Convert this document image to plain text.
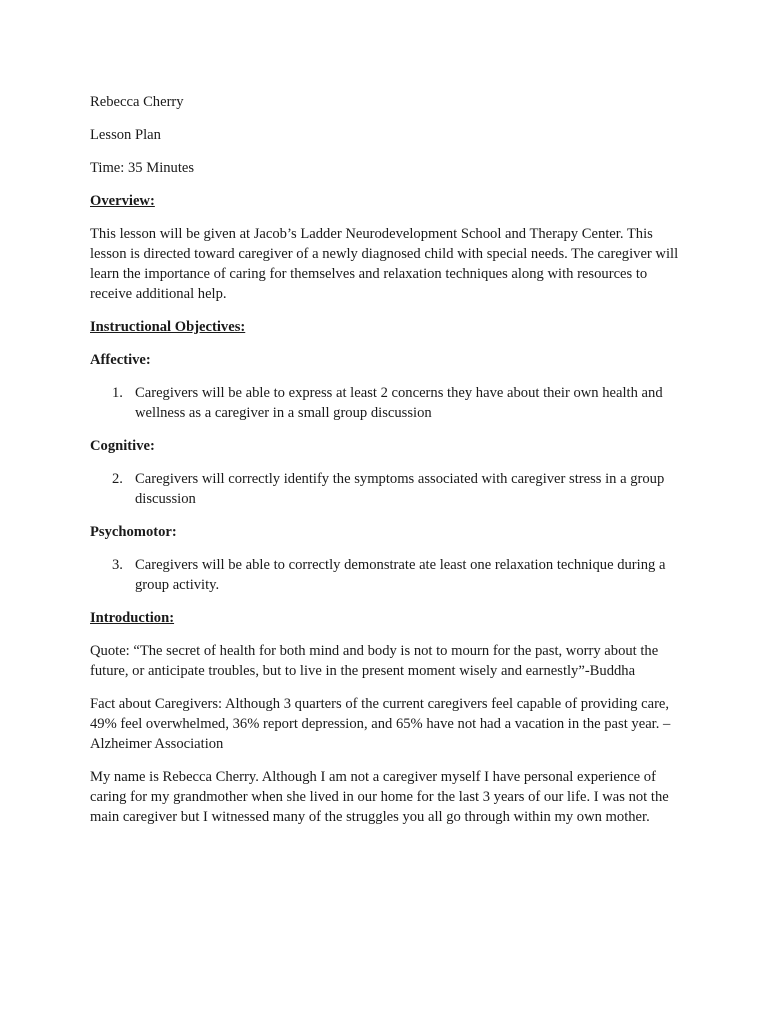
Rebecca Cherry

Lesson Plan

Time: 35 Minutes

Overview:

This lesson will be given at Jacob’s Ladder Neurodevelopment School and Therapy Center. This lesson is directed toward caregiver of a newly diagnosed child with special needs. The caregiver will learn the importance of caring for themselves and relaxation techniques along with resources to receive additional help.

Instructional Objectives:

Affective:

1. Caregivers will be able to express at least 2 concerns they have about their own health and wellness as a caregiver in a small group discussion

Cognitive:

2. Caregivers will correctly identify the symptoms associated with caregiver stress in a group discussion

Psychomotor:

3. Caregivers will be able to correctly demonstrate ate least one relaxation technique during a group activity.

Introduction:

Quote: “The secret of health for both mind and body is not to mourn for the past, worry about the future, or anticipate troubles, but to live in the present moment wisely and earnestly”-Buddha

Fact about Caregivers: Although 3 quarters of the current caregivers feel capable of providing care, 49% feel overwhelmed, 36% report depression, and 65% have not had a vacation in the past year. –Alzheimer Association

My name is Rebecca Cherry. Although I am not a caregiver myself I have personal experience of caring for my grandmother when she lived in our home for the last 3 years of our life. I was not the main caregiver but I witnessed many of the struggles you all go through within my own mother.
